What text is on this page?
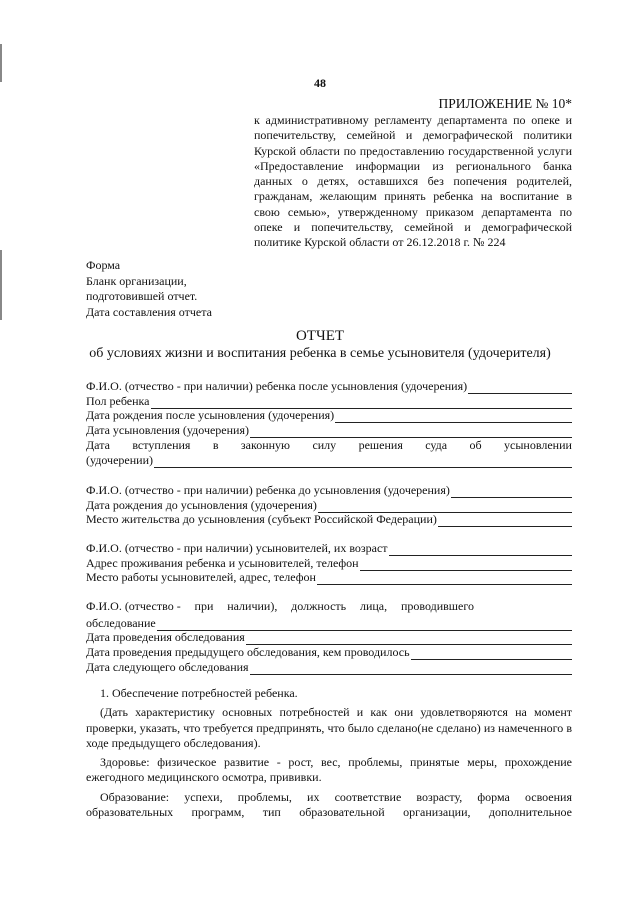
48
ПРИЛОЖЕНИЕ № 10*
к административному регламенту департамента по опеке и попечительству, семейной и демографической политики Курской области по предоставлению государственной услуги «Предоставление информации из регионального банка данных о детях, оставшихся без попечения родителей, гражданам, желающим принять ребенка на воспитание в свою семью», утвержденному приказом департамента по опеке и попечительству, семейной и демографической политике Курской области от 26.12.2018 г. № 224
Форма
Бланк организации,
подготовившей отчет.
Дата составления отчета
ОТЧЕТ
об условиях жизни и воспитания ребенка в семье усыновителя (удочерителя)
Ф.И.О. (отчество - при наличии) ребенка после усыновления (удочерения)
Пол ребенка
Дата рождения после усыновления (удочерения)
Дата усыновления (удочерения)
Дата вступления в законную силу решения суда об усыновлении
(удочерении)
Ф.И.О. (отчество - при наличии) ребенка до усыновления (удочерения)
Дата рождения до усыновления (удочерения)
Место жительства до усыновления (субъект Российской Федерации)
Ф.И.О. (отчество - при наличии) усыновителей, их возраст
Адрес проживания ребенка и усыновителей, телефон
Место работы усыновителей, адрес, телефон
Ф.И.О. (отчество - при наличии), должность лица, проводившего
обследование
Дата проведения обследования
Дата проведения предыдущего обследования, кем проводилось
Дата следующего обследования

1. Обеспечение потребностей ребенка.

(Дать характеристику основных потребностей и как они удовлетворяются на момент проверки, указать, что требуется предпринять, что было сделано(не сделано) из намеченного в ходе предыдущего обследования).

Здоровье: физическое развитие - рост, вес, проблемы, принятые меры, прохождение ежегодного медицинского осмотра, прививки.

Образование: успехи, проблемы, их соответствие возрасту, форма освоения образовательных программ, тип образовательной организации, дополнительное
